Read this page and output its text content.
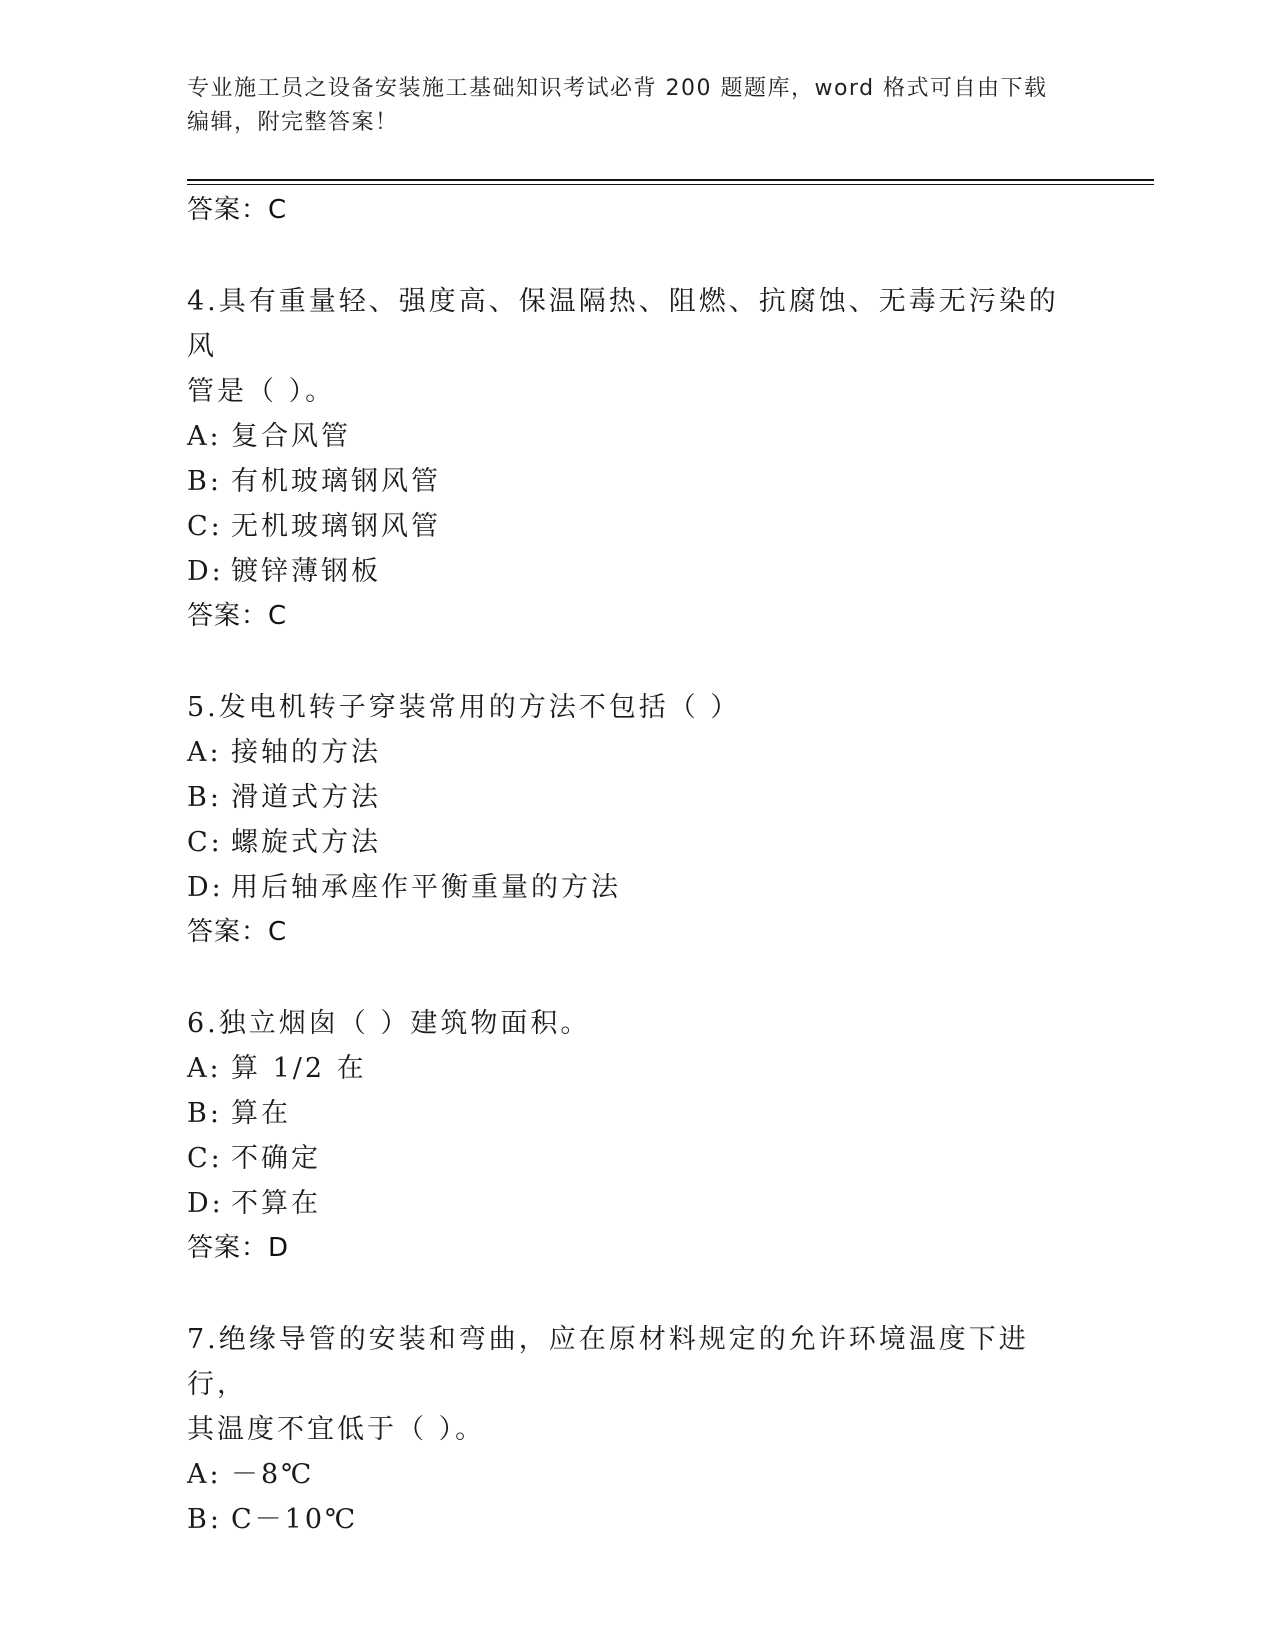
专业施工员之设备安装施工基础知识考试必背 200 题题库，word 格式可自由下载
编辑，附完整答案！
答案：C
4.具有重量轻、强度高、保温隔热、阻燃、抗腐蚀、无毒无污染的风
管是（ ）。
A: 复合风管
B: 有机玻璃钢风管
C: 无机玻璃钢风管
D: 镀锌薄钢板
答案：C
5.发电机转子穿装常用的方法不包括（ ）
A: 接轴的方法
B: 滑道式方法
C: 螺旋式方法
D: 用后轴承座作平衡重量的方法
答案：C
6.独立烟囱（ ）建筑物面积。
A: 算 1/2 在
B: 算在
C: 不确定
D: 不算在
答案：D
7.绝缘导管的安装和弯曲，应在原材料规定的允许环境温度下进行，
其温度不宜低于（ ）。
A: －8℃
B: C－10℃
